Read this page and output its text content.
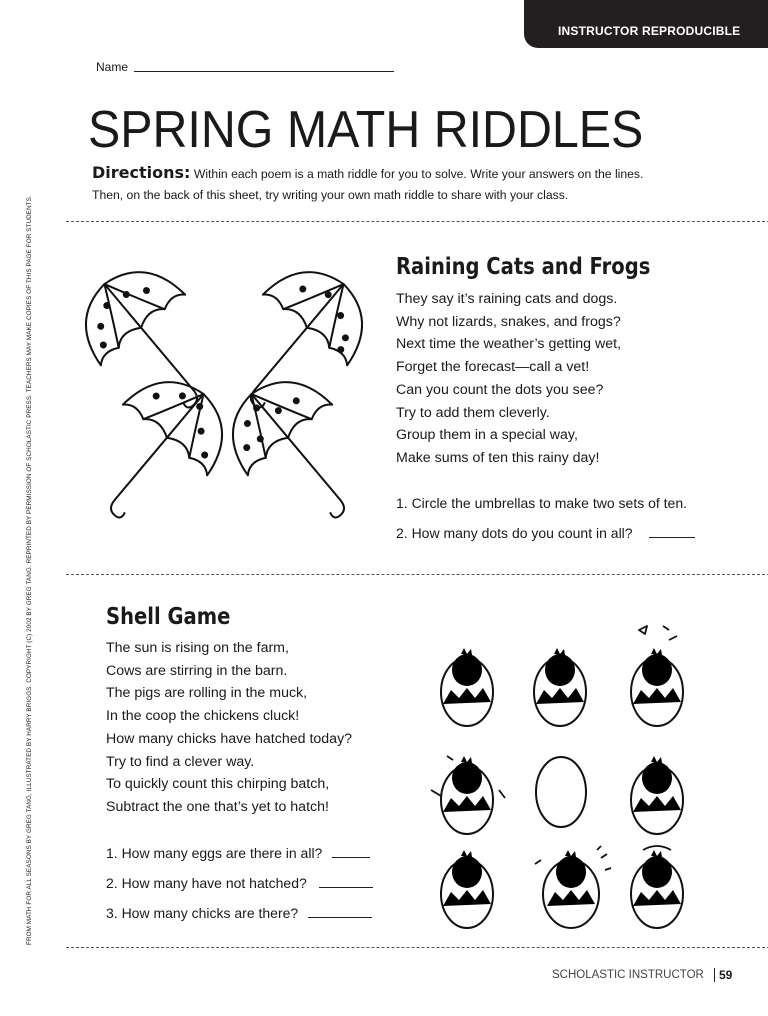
INSTRUCTOR REPRODUCIBLE
Name
SPRING MATH RIDDLES
Directions: Within each poem is a math riddle for you to solve. Write your answers on the lines.
Then, on the back of this sheet, try writing your own math riddle to share with your class.
FROM MATH FOR ALL SEASONS BY GREG TANG, ILLUSTRATED BY HARRY BRIGGS. COPYRIGHT (C) 2002 BY GREG TANG. REPRINTED BY PERMISSION OF SCHOLASTIC PRESS. TEACHERS MAY MAKE COPIES OF THIS PAGE FOR STUDENTS.	Raining Cats and Frogs
They say it’s raining cats and dogs.
Why not lizards, snakes, and frogs?
Next time the weather’s getting wet,
Forget the forecast—call a vet!
Can you count the dots you see?
Try to add them cleverly.
Group them in a special way,
Make sums of ten this rainy day!
1. Circle the umbrellas to make two sets of ten.
2. How many dots do you count in all?
Shell Game
The sun is rising on the farm,
Cows are stirring in the barn.
The pigs are rolling in the muck,
In the coop the chickens cluck!
How many chicks have hatched today?
Try to find a clever way.
To quickly count this chirping batch,
Subtract the one that’s yet to hatch!
1. How many eggs are there in all?
2. How many have not hatched?
3. How many chicks are there?
SCHOLASTIC INSTRUCTOR	59
